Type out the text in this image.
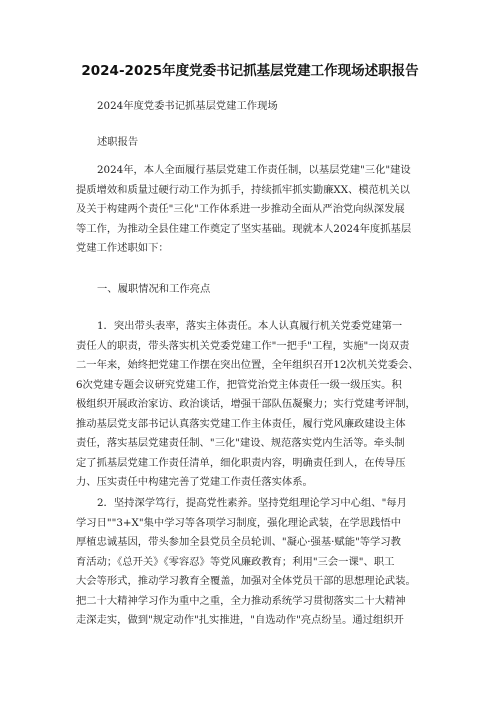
2024-2025年度党委书记抓基层党建工作现场述职报告
2024年度党委书记抓基层党建工作现场
述职报告
2024年，本人全面履行基层党建工作责任制，以基层党建"三化"建设
提质增效和质量过硬行动工作为抓手，持续抓牢抓实勤廉XX、模范机关以
及关于构建两个责任"三化"工作体系进一步推动全面从严治党向纵深发展
等工作，为推动全县住建工作奠定了坚实基础。现就本人2024年度抓基层
党建工作述职如下：
一、履职情况和工作亮点
1．突出带头表率，落实主体责任。本人认真履行机关党委党建第一
责任人的职责，带头落实机关党委党建工作"一把手"工程，实施"一岗双责
二一年来，始终把党建工作摆在突出位置，全年组织召开12次机关党委会、
6次党建专题会议研究党建工作，把管党治党主体责任一级一级压实。积
极组织开展政治家访、政治谈话，增强干部队伍凝聚力；实行党建考评制，
推动基层党支部书记认真落实党建工作主体责任，履行党风廉政建设主体
责任，落实基层党建责任制、"三化"建设、规范落实党内生活等。牵头制
定了抓基层党建工作责任清单，细化职责内容，明确责任到人，在传导压
力、压实责任中构建完善了党建工作责任落实体系。
2．坚持深学笃行，提高党性素养。坚持党组理论学习中心组、"每月
学习日""3+X"集中学习等各项学习制度，强化理论武装，在学思践悟中
厚植忠诚基因，带头参加全县党员全员轮训、"凝心·强基·赋能"等学习教
育活动；《总开关》《零容忍》等党风廉政教育；利用"三会一课"、职工
大会等形式，推动学习教育全覆盖，加强对全体党员干部的思想理论武装。
把二十大精神学习作为重中之重，全力推动系统学习贯彻落实二十大精神
走深走实，做到"规定动作"扎实推进，"自选动作"亮点纷呈。通过组织开
